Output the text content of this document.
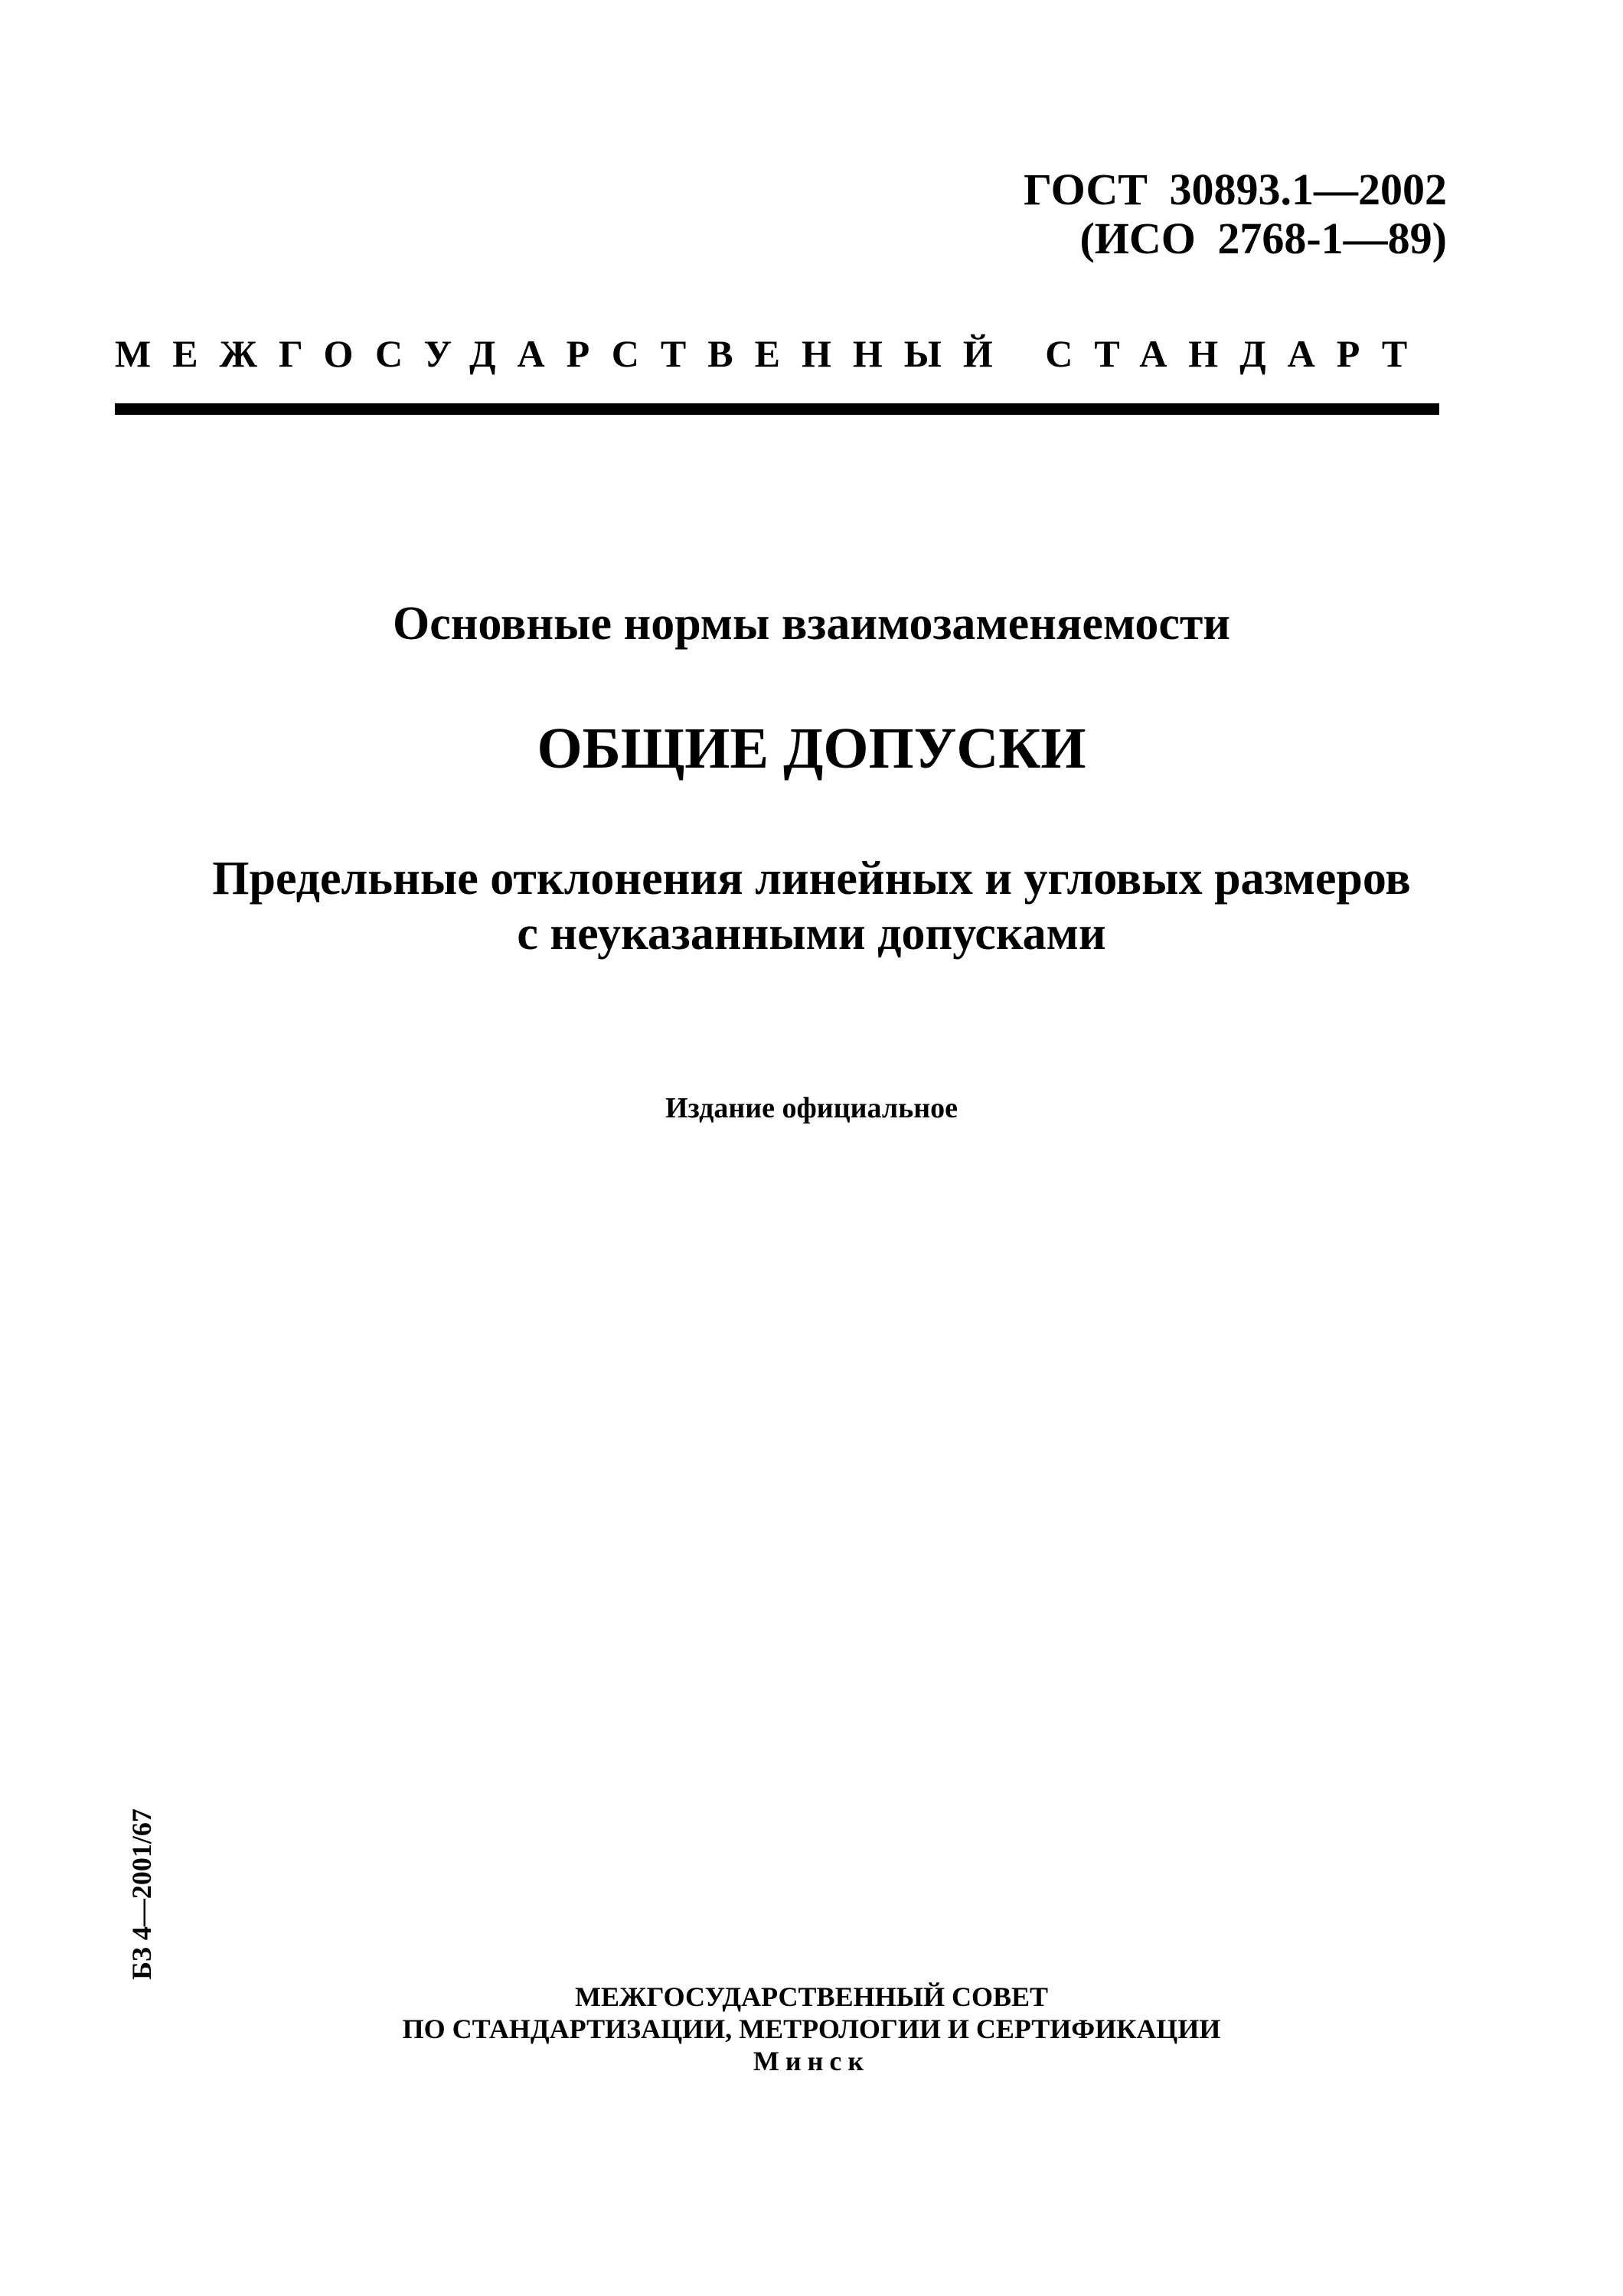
ГОСТ 30893.1—2002
(ИСО 2768-1—89)
МЕЖГОСУДАРСТВЕННЫЙ СТАНДАРТ
Основные нормы взаимозаменяемости
ОБЩИЕ ДОПУСКИ
Предельные отклонения линейных и угловых размеров
с неуказанными допусками
Издание официальное
БЗ 4—2001/67
МЕЖГОСУДАРСТВЕННЫЙ СОВЕТ
ПО СТАНДАРТИЗАЦИИ, МЕТРОЛОГИИ И СЕРТИФИКАЦИИ
Минск
